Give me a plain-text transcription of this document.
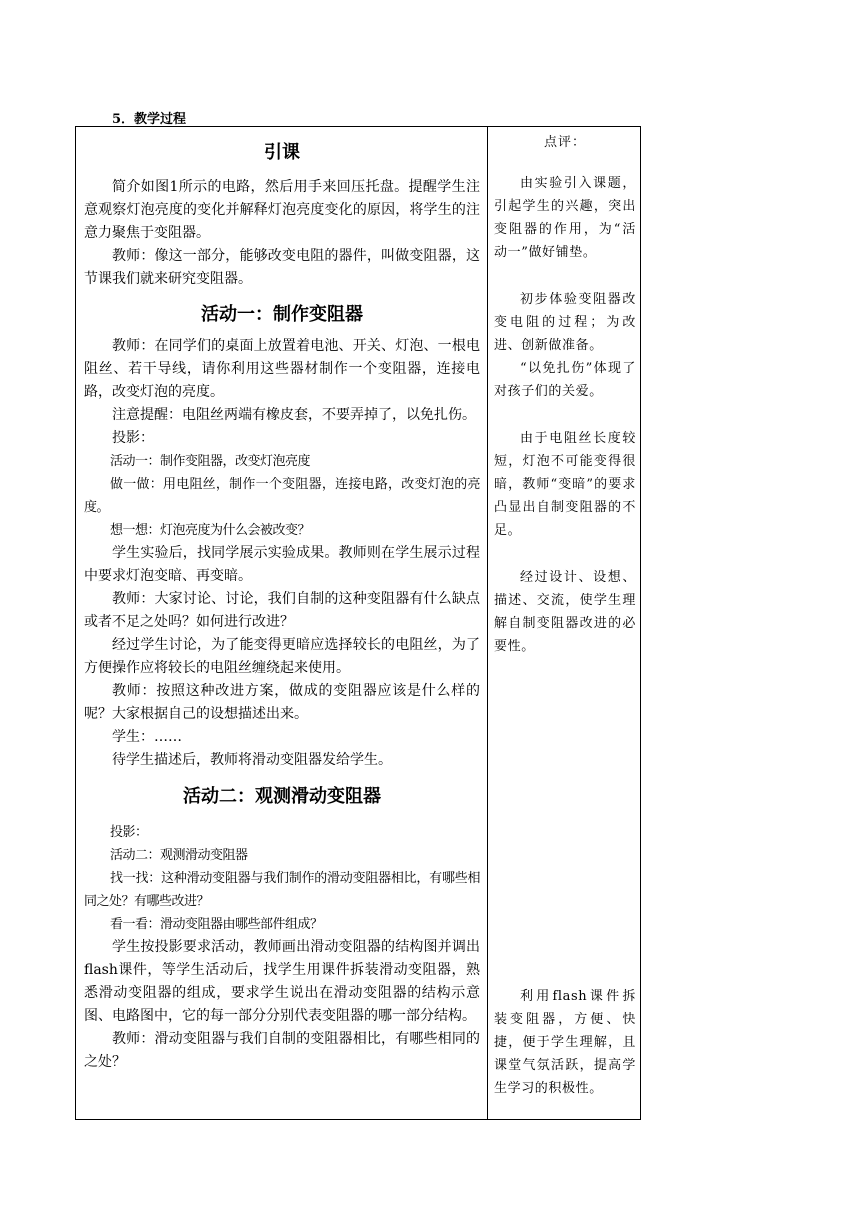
5．教学过程
引课

简介如图1所示的电路，然后用手来回压托盘。提醒学生注意观察灯泡亮度的变化并解释灯泡亮度变化的原因，将学生的注意力聚焦于变阻器。

教师：像这一部分，能够改变电阻的器件，叫做变阻器，这节课我们就来研究变阻器。

活动一：制作变阻器

教师：在同学们的桌面上放置着电池、开关、灯泡、一根电阻丝、若干导线，请你利用这些器材制作一个变阻器，连接电路，改变灯泡的亮度。

注意提醒：电阻丝两端有橡皮套，不要弄掉了，以免扎伤。

投影：

活动一：制作变阻器，改变灯泡亮度

做一做：用电阻丝，制作一个变阻器，连接电路，改变灯泡的亮度。

想一想：灯泡亮度为什么会被改变？

学生实验后，找同学展示实验成果。教师则在学生展示过程中要求灯泡变暗、再变暗。

教师：大家讨论、讨论，我们自制的这种变阻器有什么缺点或者不足之处吗？如何进行改进？

经过学生讨论，为了能变得更暗应选择较长的电阻丝，为了方便操作应将较长的电阻丝缠绕起来使用。

教师：按照这种改进方案，做成的变阻器应该是什么样的呢？大家根据自己的设想描述出来。

学生：……

待学生描述后，教师将滑动变阻器发给学生。

活动二：观测滑动变阻器

投影：

活动二：观测滑动变阻器

找一找：这种滑动变阻器与我们制作的滑动变阻器相比，有哪些相同之处？有哪些改进？

看一看：滑动变阻器由哪些部件组成？

学生按投影要求活动，教师画出滑动变阻器的结构图并调出flash课件，等学生活动后，找学生用课件拆装滑动变阻器，熟悉滑动变阻器的组成，要求学生说出在滑动变阻器的结构示意图、电路图中，它的每一部分分别代表变阻器的哪一部分结构。

教师：滑动变阻器与我们自制的变阻器相比，有哪些相同的之处？

点评：

由实验引入课题，引起学生的兴趣，突出变阻器的作用，为“活动一”做好铺垫。

初步体验变阻器改变电阻的过程；为改进、创新做准备。

“以免扎伤”体现了对孩子们的关爱。

由于电阻丝长度较短，灯泡不可能变得很暗，教师“变暗”的要求凸显出自制变阻器的不足。

经过设计、设想、描述、交流，使学生理解自制变阻器改进的必要性。

利用flash课件拆装变阻器，方便、快捷，便于学生理解，且课堂气氛活跃，提高学生学习的积极性。
